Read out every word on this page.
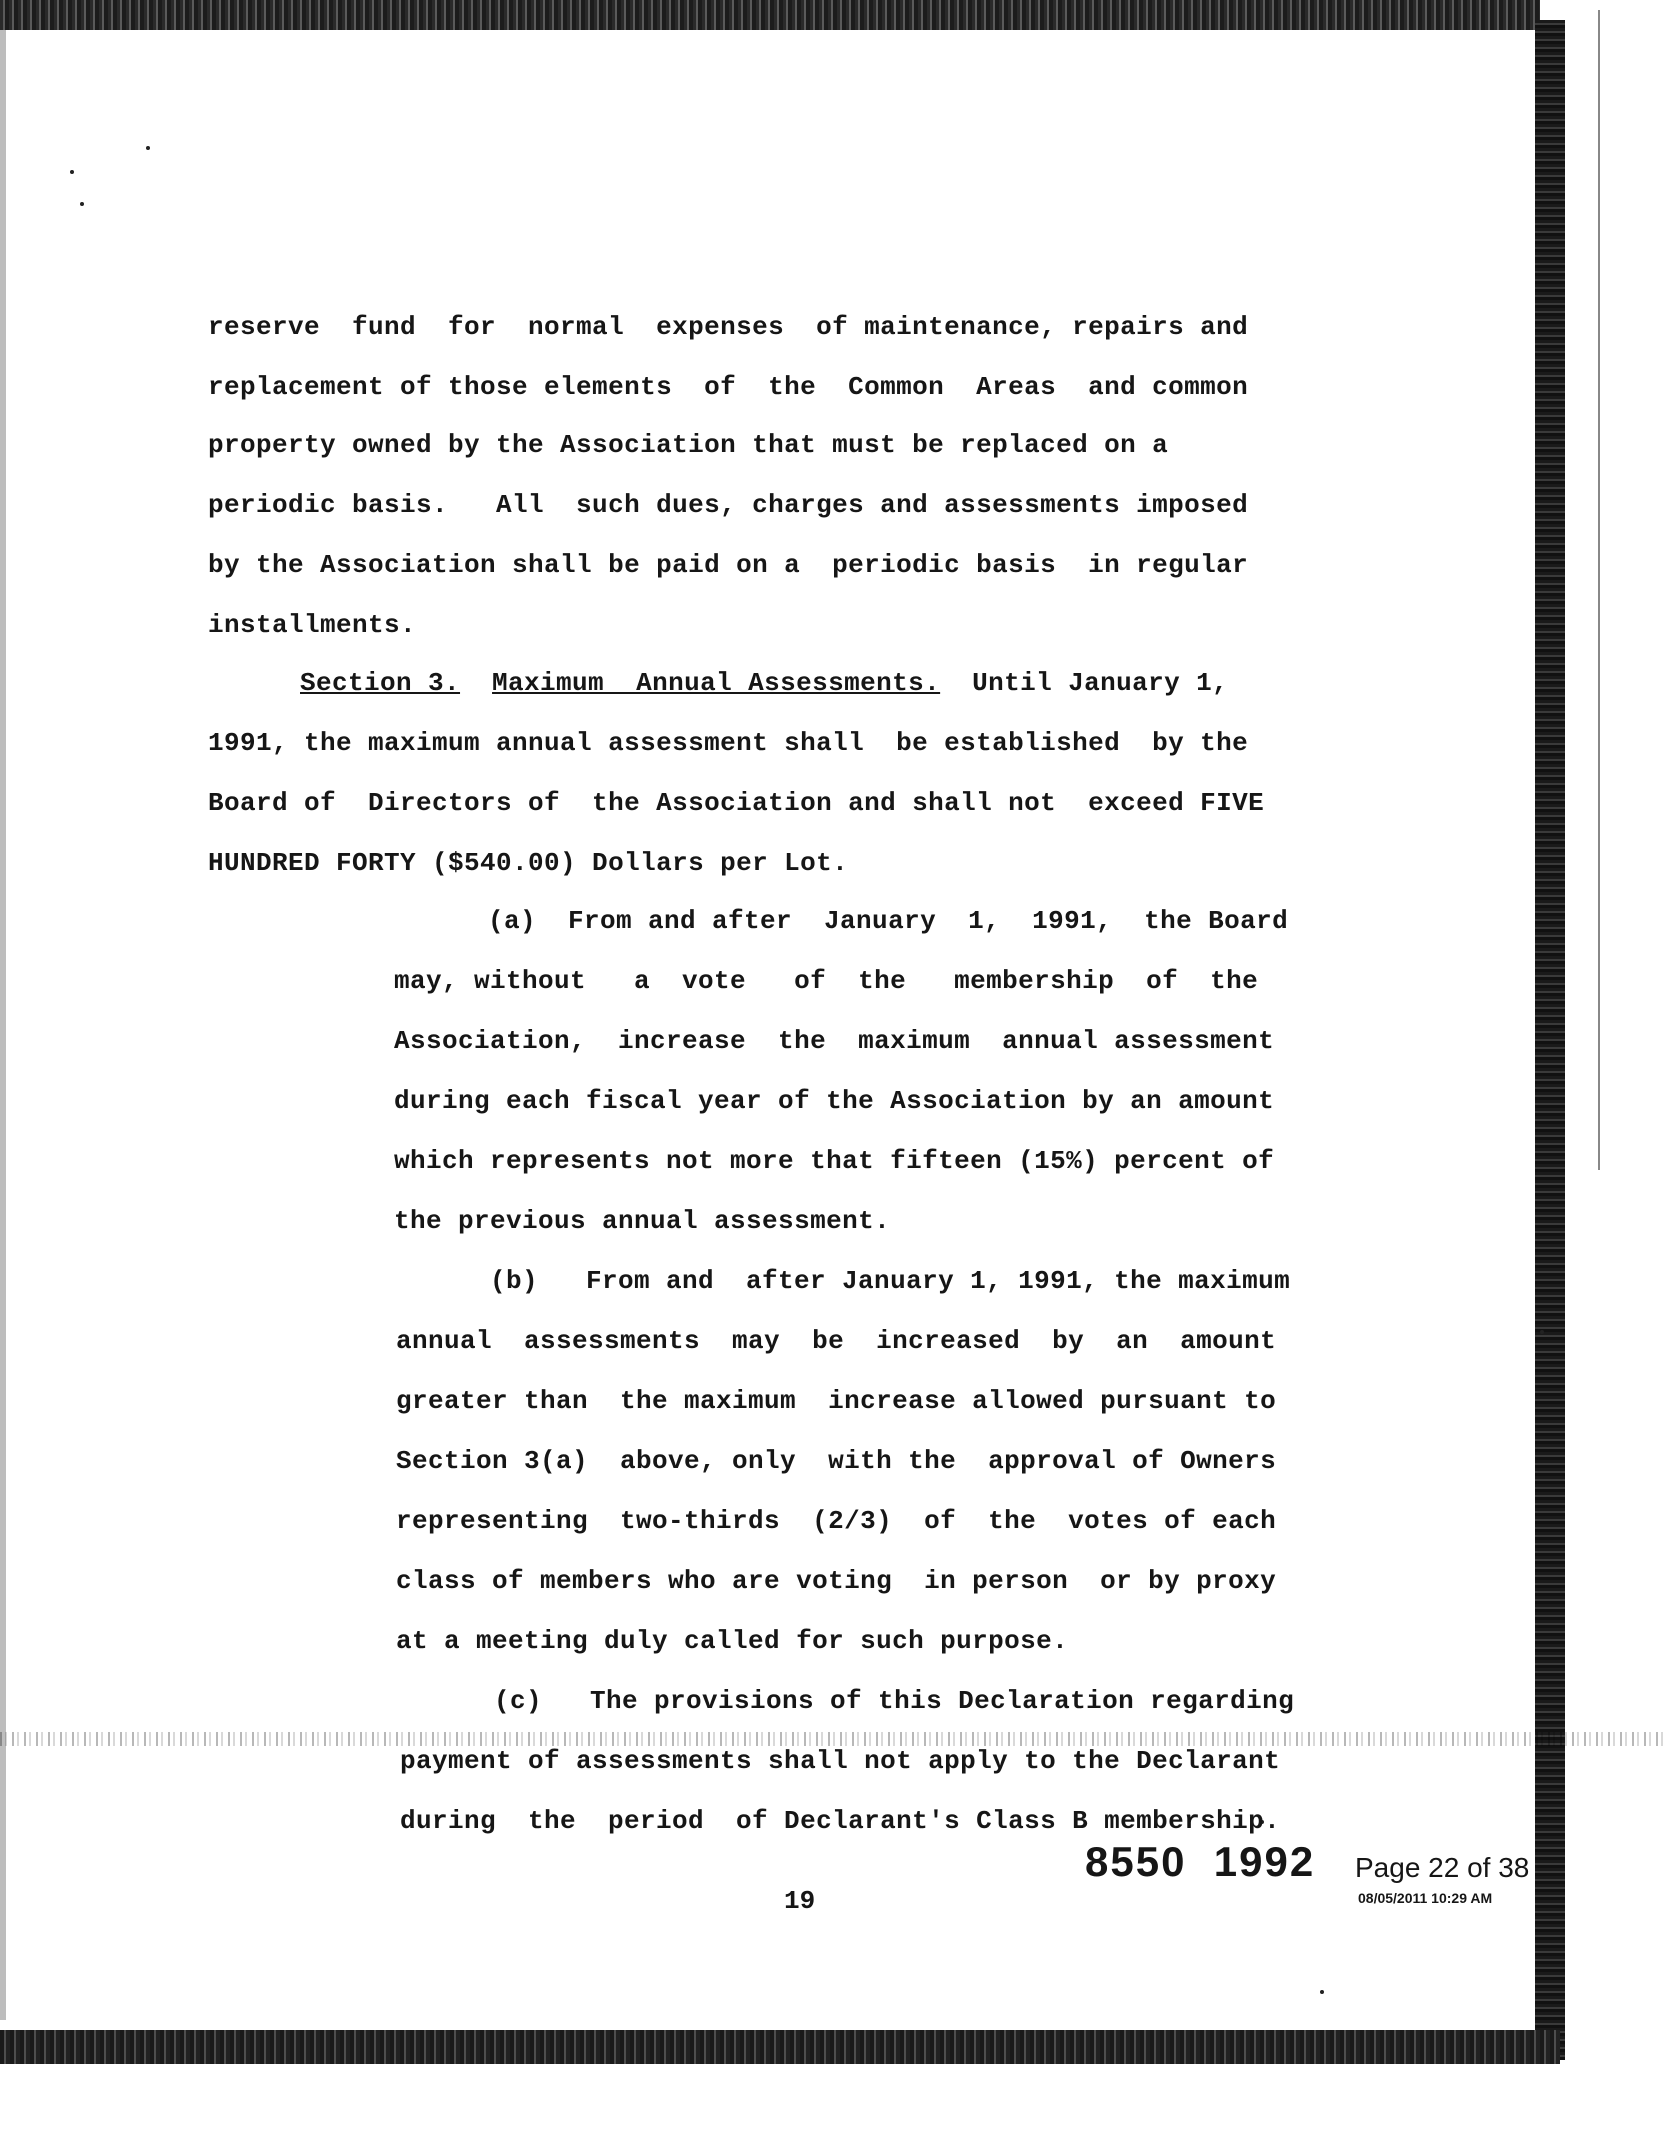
reserve  fund  for  normal  expenses  of maintenance, repairs and

replacement of those elements  of  the  Common  Areas  and common

property owned by the Association that must be replaced on a

periodic basis.   All  such dues, charges and assessments imposed

by the Association shall be paid on a  periodic basis  in regular

installments.

Section 3. Maximum  Annual Assessments.  Until January 1,

1991, the maximum annual assessment shall  be established  by the

Board of  Directors of  the Association and shall not  exceed FIVE

HUNDRED FORTY ($540.00) Dollars per Lot.

(a)  From and after  January  1,  1991,  the Board

may, without   a  vote   of  the   membership  of  the

Association,  increase  the  maximum  annual assessment

during each fiscal year of the Association by an amount

which represents not more that fifteen (15%) percent of

the previous annual assessment.

(b)   From and  after January 1, 1991, the maximum

annual  assessments  may  be  increased  by  an  amount

greater than  the maximum  increase allowed pursuant to

Section 3(a)  above, only  with the  approval of Owners

representing  two-thirds  (2/3)  of  the  votes of each

class of members who are voting  in person  or by proxy

at a meeting duly called for such purpose.

(c)   The provisions of this Declaration regarding

payment of assessments shall not apply to the Declarant

during  the  period  of Declarant's Class B membership.

19

8550 1992 Page 22 of 38

08/05/2011 10:29 AM
